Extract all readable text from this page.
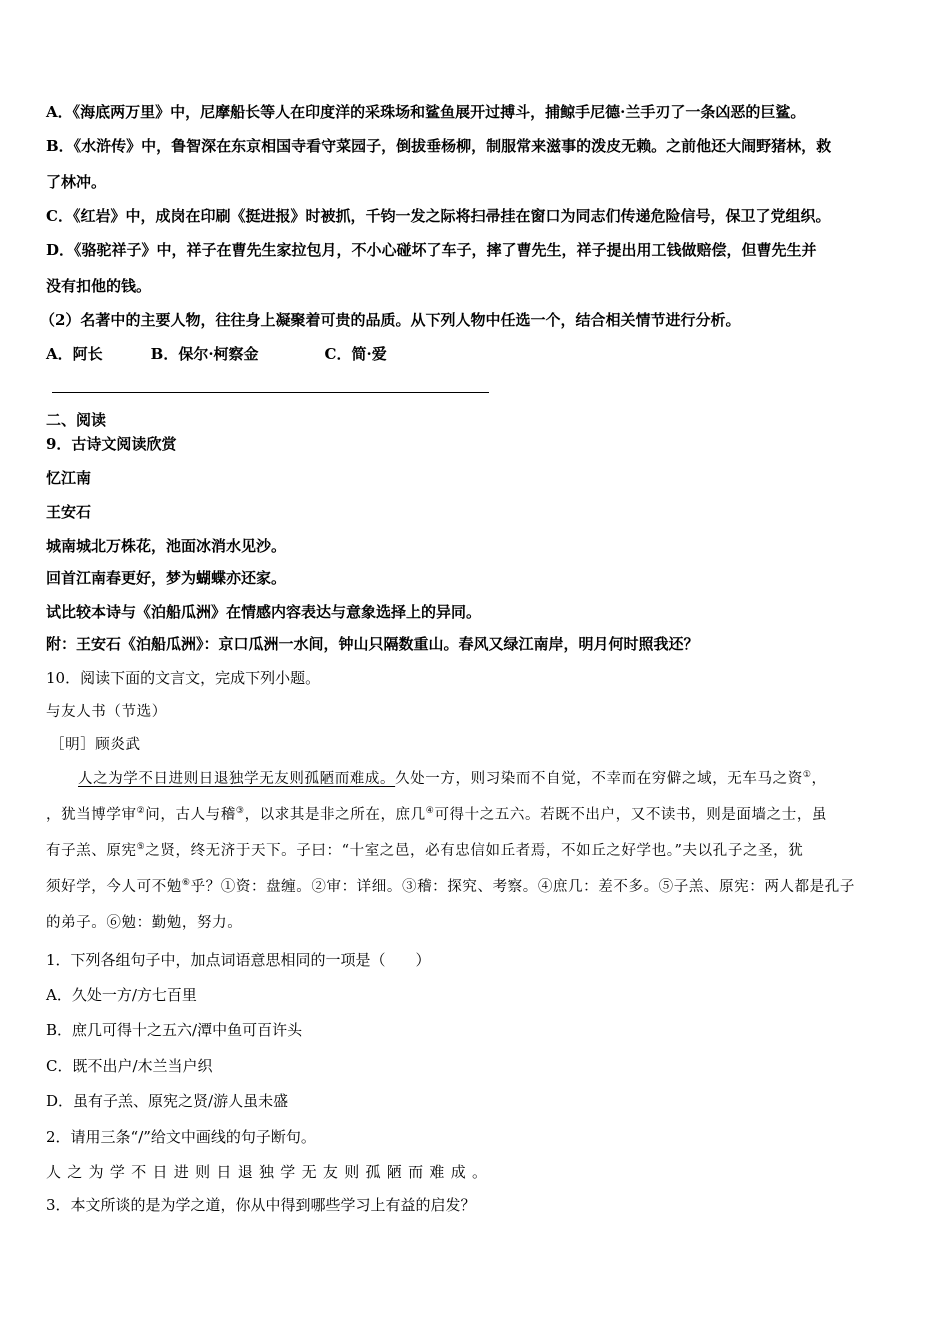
A．《海底两万里》中，尼摩船长等人在印度洋的采珠场和鲨鱼展开过搏斗，捕鲸手尼德·兰手刃了一条凶恶的巨鲨。
B．《水浒传》中，鲁智深在东京相国寺看守菜园子，倒拔垂杨柳，制服常来滋事的泼皮无赖。之前他还大闹野猪林，救
了林冲。
C．《红岩》中，成岗在印刷《挺进报》时被抓，千钧一发之际将扫帚挂在窗口为同志们传递危险信号，保卫了党组织。
D．《骆驼祥子》中，祥子在曹先生家拉包月，不小心碰坏了车子，摔了曹先生，祥子提出用工钱做赔偿，但曹先生并
没有扣他的钱。
（2）名著中的主要人物，往往身上凝聚着可贵的品质。从下列人物中任选一个，结合相关情节进行分析。
A．阿长	B．保尔·柯察金	C．简·爱
二、阅读
9．古诗文阅读欣赏
忆江南
王安石
城南城北万株花，池面冰消水见沙。
回首江南春更好，梦为蝴蝶亦还家。
试比较本诗与《泊船瓜洲》在情感内容表达与意象选择上的异同。
附：王安石《泊船瓜洲》：京口瓜洲一水间，钟山只隔数重山。春风又绿江南岸，明月何时照我还？
10．阅读下面的文言文，完成下列小题。
与友人书（节选）
［明］顾炎武
人之为学不日进则日退独学无友则孤陋而难成。久处一方，则习染而不自觉，不幸而在穷僻之域，无车马之资①，
，犹当博学审②问，古人与稽③，以求其是非之所在，庶几④可得十之五六。若既不出户，又不读书，则是面墙之士，虽
有子羔、原宪⑤之贤，终无济于天下。子曰：“十室之邑，必有忠信如丘者焉，不如丘之好学也。”夫以孔子之圣，犹
须好学，今人可不勉⑥乎？①资：盘缠。②审：详细。③稽：探究、考察。④庶几：差不多。⑤子羔、原宪：两人都是孔子
的弟子。⑥勉：勤勉，努力。
1．下列各组句子中，加点词语意思相同的一项是（　　）
A．久处一方/方七百里
B．庶几可得十之五六/潭中鱼可百许头
C．既不出户/木兰当户织
D．虽有子羔、原宪之贤/游人虽未盛
2．请用三条“/”给文中画线的句子断句。
人之为学不日进则日退独学无友则孤陋而难成。
3．本文所谈的是为学之道，你从中得到哪些学习上有益的启发？
